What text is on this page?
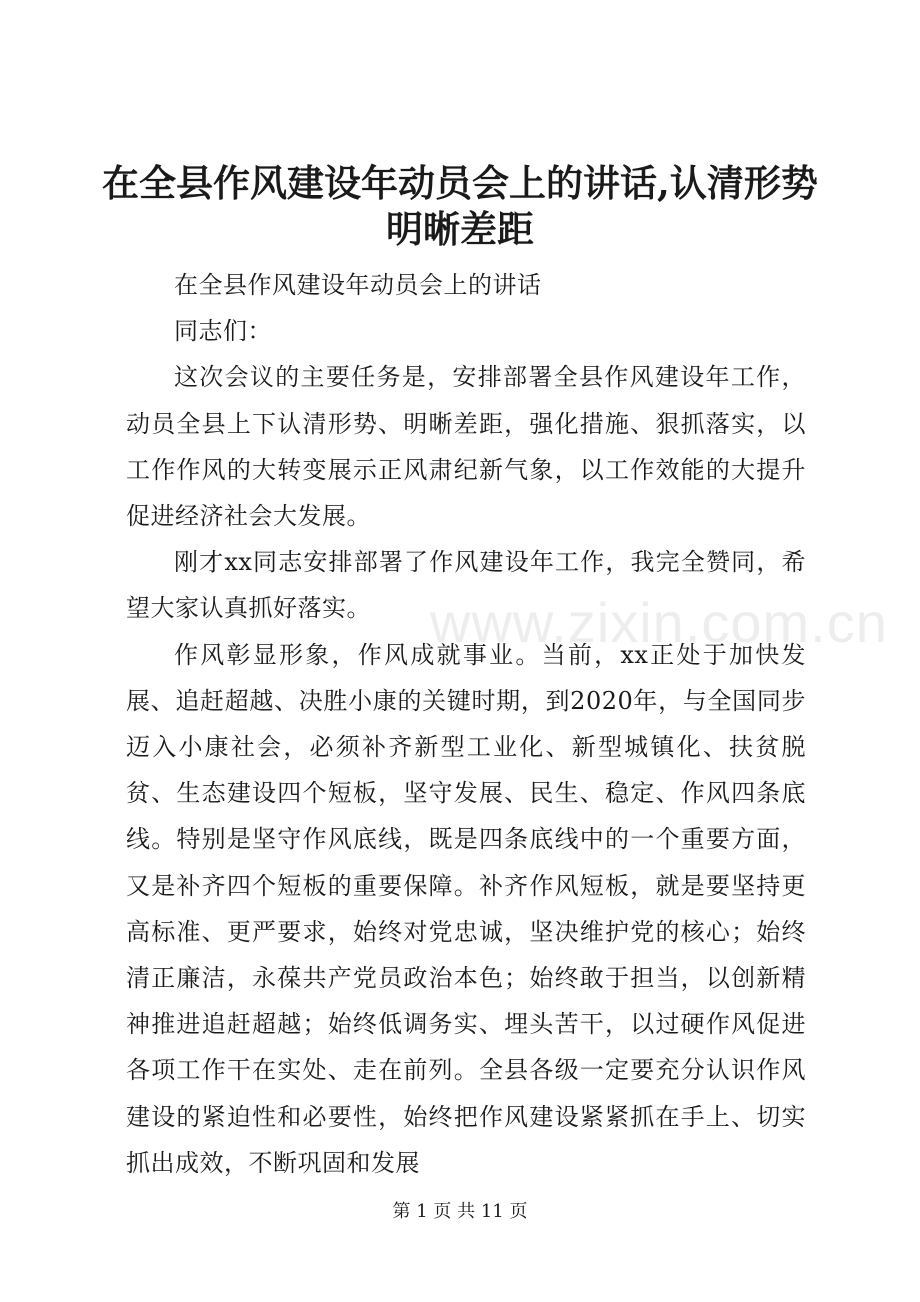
在全县作风建设年动员会上的讲话,认清形势
明晰差距

在全县作风建设年动员会上的讲话

同志们：

这次会议的主要任务是，安排部署全县作风建设年工作，动员全县上下认清形势、明晰差距，强化措施、狠抓落实，以工作作风的大转变展示正风肃纪新气象，以工作效能的大提升促进经济社会大发展。

刚才xx同志安排部署了作风建设年工作，我完全赞同，希望大家认真抓好落实。

作风彰显形象，作风成就事业。当前，xx正处于加快发展、追赶超越、决胜小康的关键时期，到2020年，与全国同步迈入小康社会，必须补齐新型工业化、新型城镇化、扶贫脱贫、生态建设四个短板，坚守发展、民生、稳定、作风四条底线。特别是坚守作风底线，既是四条底线中的一个重要方面，又是补齐四个短板的重要保障。补齐作风短板，就是要坚持更高标准、更严要求，始终对党忠诚，坚决维护党的核心；始终清正廉洁，永葆共产党员政治本色；始终敢于担当，以创新精神推进追赶超越；始终低调务实、埋头苦干，以过硬作风促进各项工作干在实处、走在前列。全县各级一定要充分认识作风建设的紧迫性和必要性，始终把作风建设紧紧抓在手上、切实抓出成效，不断巩固和发展

www.zixin.com.cn
第 1 页 共 11 页
